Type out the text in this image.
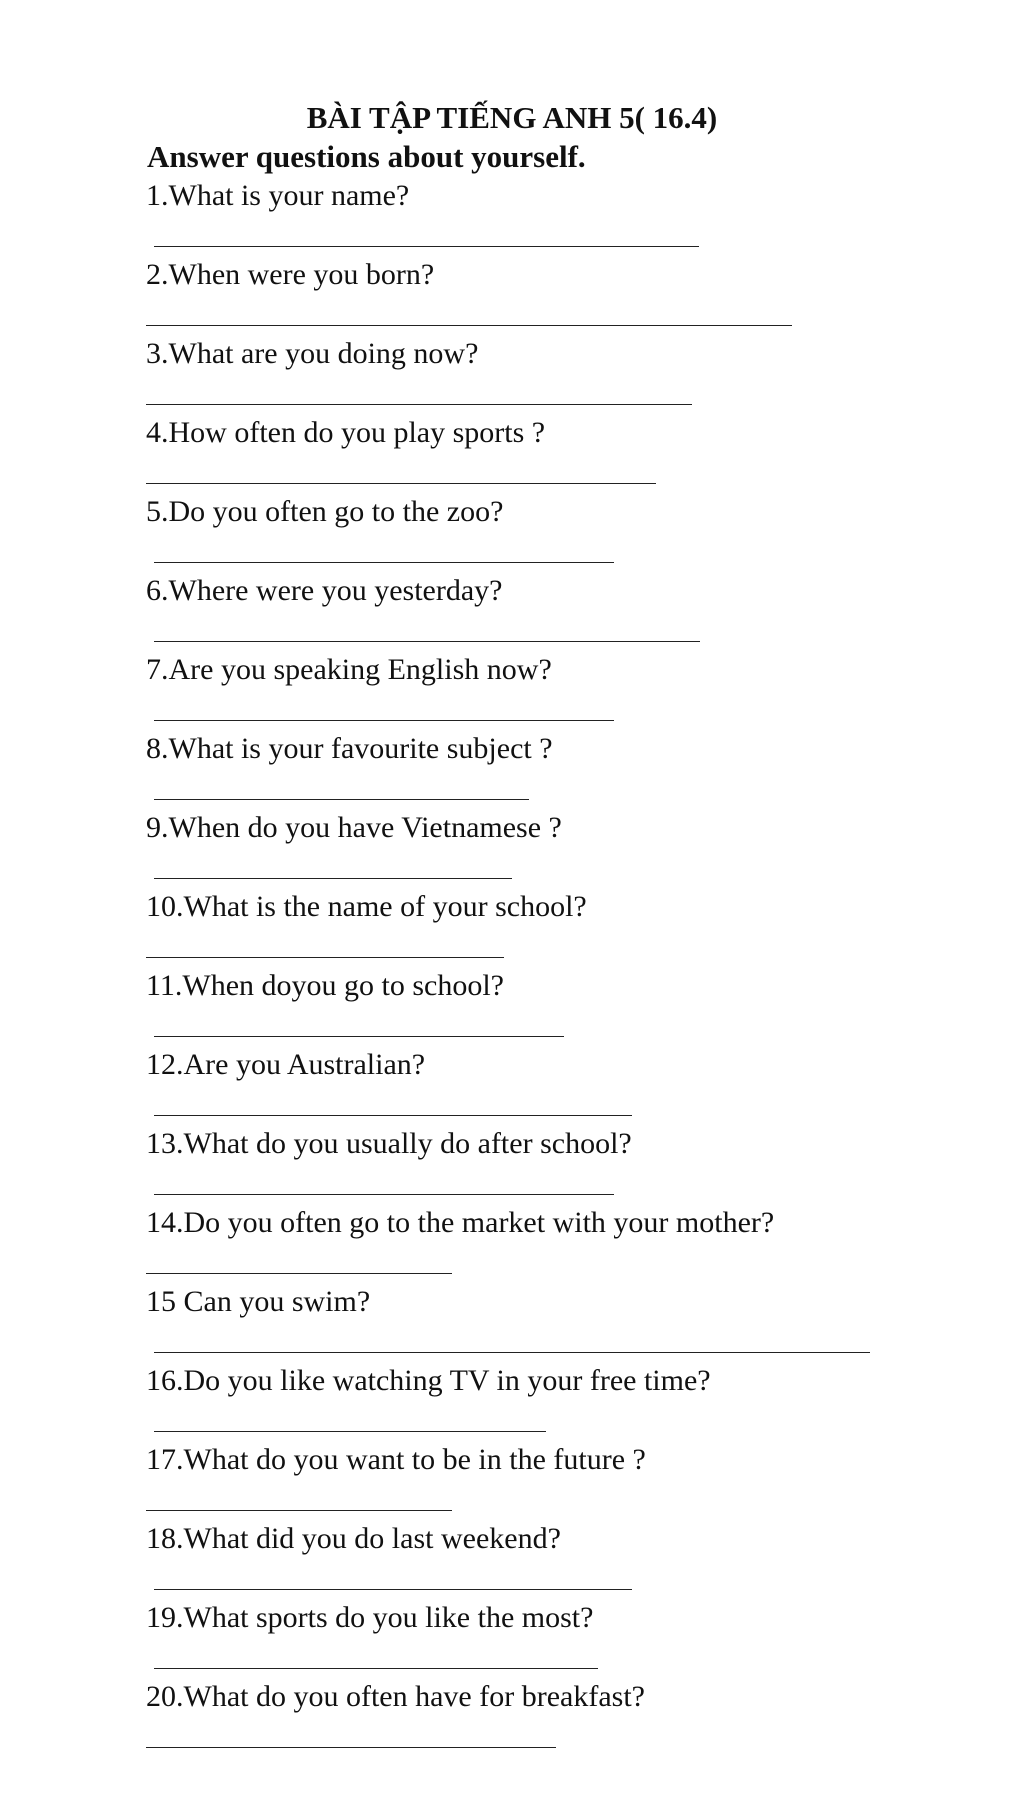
BÀI TẬP TIẾNG ANH 5( 16.4)
Answer questions about yourself.
1.What is your name?
2.When were you born?
3.What are you doing now?
4.How often do you play sports ?
5.Do you often go to the zoo?
6.Where were you yesterday?
7.Are you speaking English now?
8.What is your favourite subject ?
9.When do you have Vietnamese ?
10.What is the name of your school?
11.When doyou go to school?
12.Are you Australian?
13.What do you usually do after school?
14.Do you often go to the market with your mother?
15 Can you swim?
16.Do you like watching TV in your free time?
17.What do you want to be in the future ?
18.What did you do last weekend?
19.What sports do you like the most?
20.What do you often have for breakfast?
